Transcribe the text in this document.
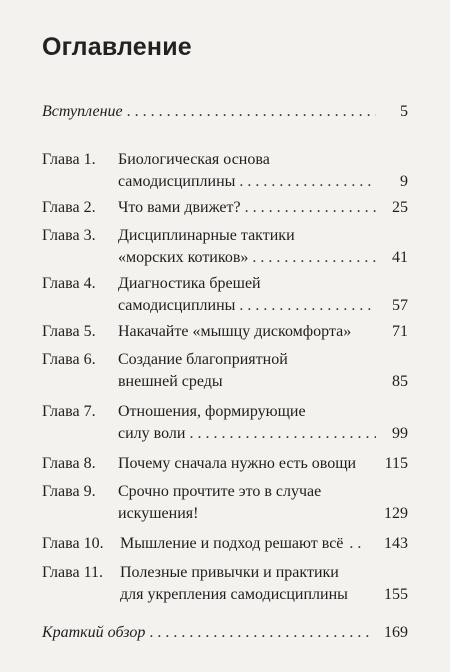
Оглавление
Вступление . . .	5
Глава 1.	Биологическая основа
самодисциплины . . .	9
Глава 2.	Что вами движет? . . .	25
Глава 3.	Дисциплинарные тактики
«морских котиков» . . .	41
Глава 4.	Диагностика брешей
самодисциплины . . .	57
Глава 5.	Накачайте «мышцу дискомфорта»	71
Глава 6.	Создание благоприятной
внешней среды	85
Глава 7.	Отношения, формирующие
силу воли . . .	99
Глава 8.	Почему сначала нужно есть овощи 115
Глава 9.	Срочно прочтите это в случае
искушения!	129
Глава 10.	Мышление и подход решают всё . . .	143
Глава 11.	Полезные привычки и практики
для укрепления самодисциплины 155
Краткий обзор . . .	169
